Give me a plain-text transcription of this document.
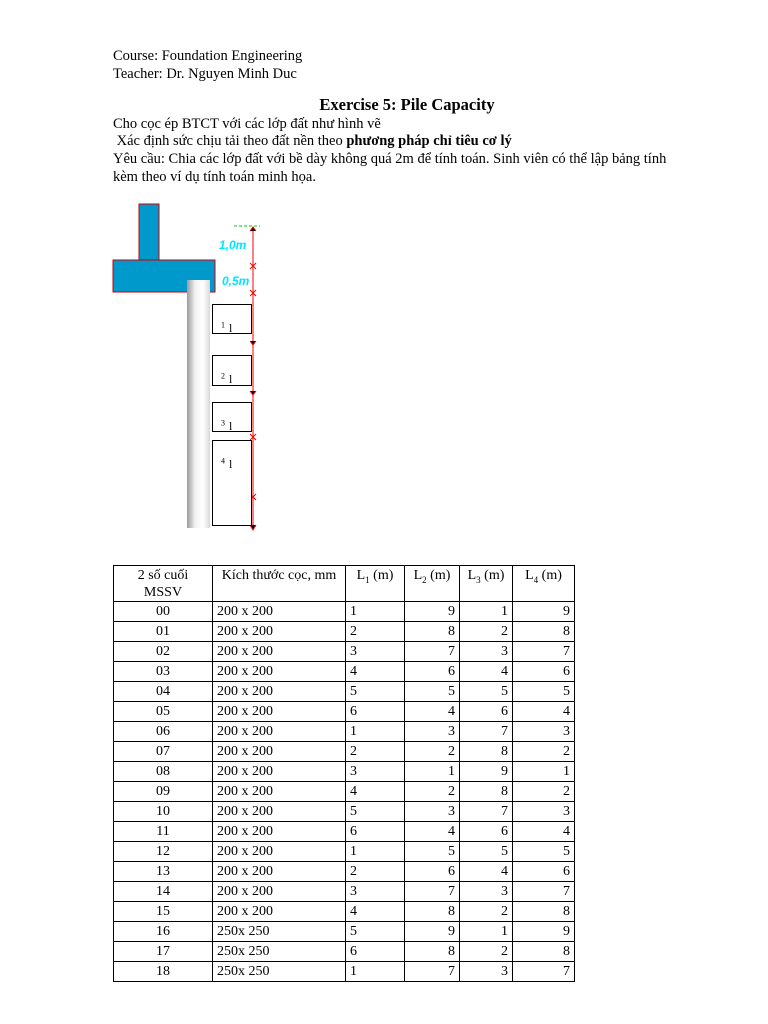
Course: Foundation Engineering
Teacher: Dr. Nguyen Minh Duc
Exercise 5: Pile Capacity
Cho cọc ép BTCT với các lớp đất như hình vẽ
Xác định sức chịu tải theo đất nền theo phương pháp chỉ tiêu cơ lý
Yêu cầu: Chia các lớp đất với bề dày không quá 2m để tính toán. Sinh viên có thể lập bảng tính
kèm theo ví dụ tính toán minh họa.
1,0m
0,5m
l
$_1$
l
$_2$
l
$_3$
l
$_4$
2 số cuối MSSV	Kích thước cọc, mm	$L_1$ (m)	$L_2$ (m)	$L_3$ (m)	$L_4$ (m)
00	200 x 200	1	9	1	9
01	200 x 200	2	8	2	8
02	200 x 200	3	7	3	7
03	200 x 200	4	6	4	6
04	200 x 200	5	5	5	5
05	200 x 200	6	4	6	4
06	200 x 200	1	3	7	3
07	200 x 200	2	2	8	2
08	200 x 200	3	1	9	1
09	200 x 200	4	2	8	2
10	200 x 200	5	3	7	3
11	200 x 200	6	4	6	4
12	200 x 200	1	5	5	5
13	200 x 200	2	6	4	6
14	200 x 200	3	7	3	7
15	200 x 200	4	8	2	8
16	250x 250	5	9	1	9
17	250x 250	6	8	2	8
18	250x 250	1	7	3	7
